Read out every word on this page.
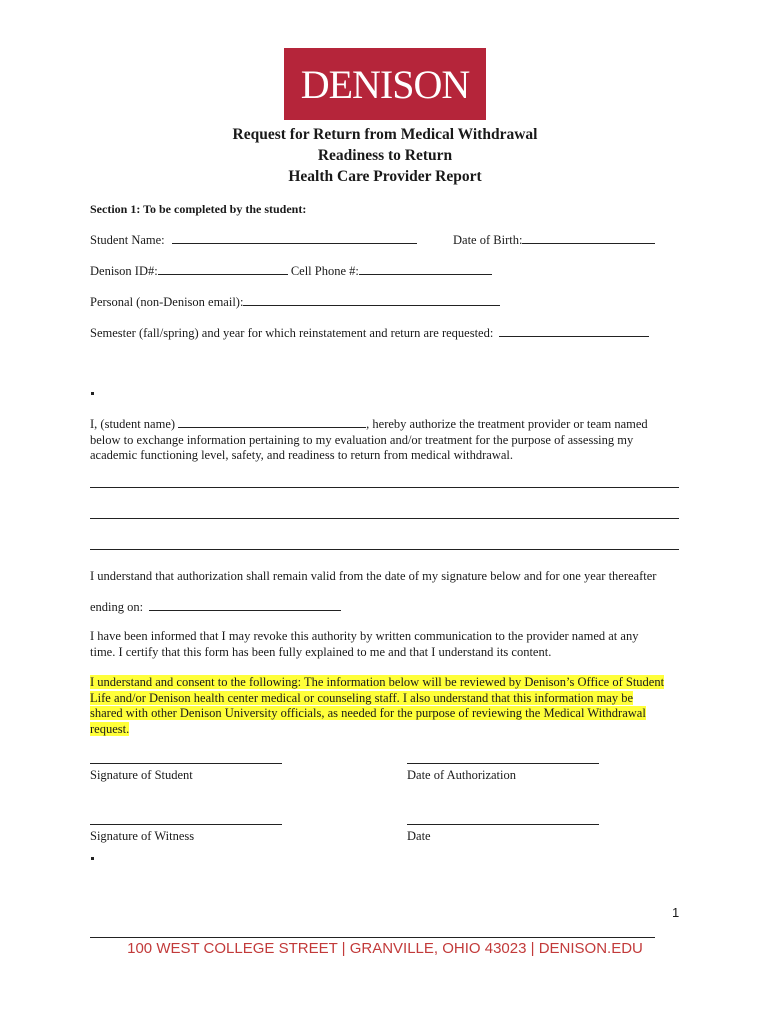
DENISON
Request for Return from Medical Withdrawal
Readiness to Return
Health Care Provider Report
Section 1: To be completed by the student:
Student Name:	Date of Birth:
Denison ID#:	Cell Phone #:
Personal (non-Denison email):
Semester (fall/spring) and year for which reinstatement and return are requested:
I, (student name)	, hereby authorize the treatment provider or team named
below to exchange information pertaining to my evaluation and/or treatment for the purpose of assessing my
academic functioning level, safety, and readiness to return from medical withdrawal.
I understand that authorization shall remain valid from the date of my signature below and for one year thereafter
ending on:
I have been informed that I may revoke this authority by written communication to the provider named at any
time. I certify that this form has been fully explained to me and that I understand its content.
I understand and consent to the following: The information below will be reviewed by Denison’s Office of Student
Life and/or Denison health center medical or counseling staff. I also understand that this information may be
shared with other Denison University officials, as needed for the purpose of reviewing the Medical Withdrawal
request.
Signature of Student	Date of Authorization
Signature of Witness	Date
1
100 WEST COLLEGE STREET | GRANVILLE, OHIO 43023 | DENISON.EDU
